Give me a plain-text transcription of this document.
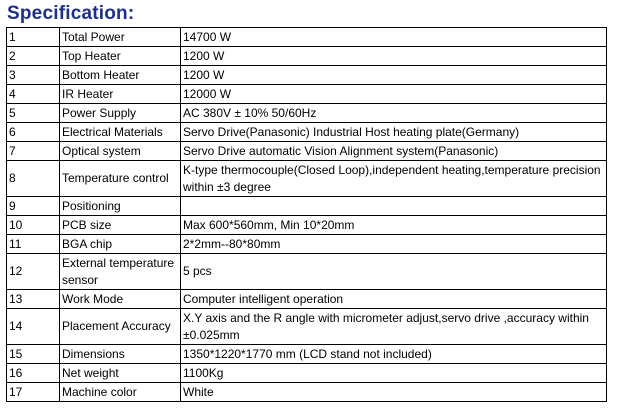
Specification:
1	Total Power	14700 W
2	Top Heater	1200 W
3	Bottom Heater	1200 W
4	IR Heater	12000 W
5	Power Supply	AC 380V ± 10% 50/60Hz
6	Electrical Materials	Servo Drive(Panasonic) Industrial Host heating plate(Germany)
7	Optical system	Servo Drive automatic Vision Alignment system(Panasonic)
8	Temperature control	K-type thermocouple(Closed Loop),independent heating,temperature precision within ±3 degree
9	Positioning	
10	PCB size	Max 600*560mm, Min 10*20mm
11	BGA chip	2*2mm--80*80mm
12	External temperature sensor	5 pcs
13	Work Mode	Computer intelligent operation
14	Placement Accuracy	X.Y axis and the R angle with micrometer adjust,servo drive ,accuracy within ±0.025mm
15	Dimensions	1350*1220*1770 mm (LCD stand not included)
16	Net weight	1100Kg
17	Machine color	White
